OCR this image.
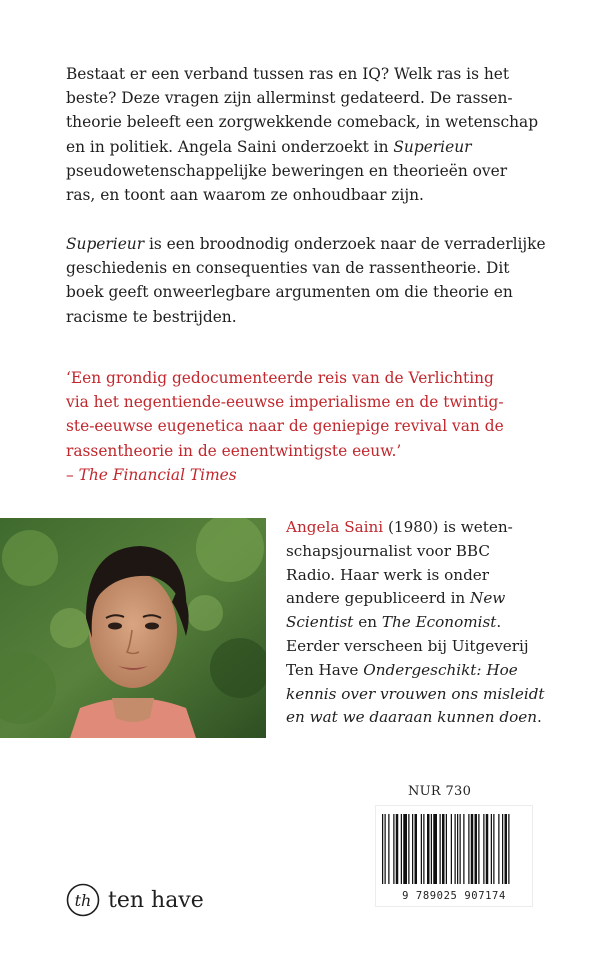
Bestaat er een verband tussen ras en IQ? Welk ras is het
beste? Deze vragen zijn allerminst gedateerd. De rassen-
theorie beleeft een zorgwekkende comeback, in wetenschap
en in politiek. Angela Saini onderzoekt in Superieur
pseudowetenschappelijke beweringen en theorieën over
ras, en toont aan waarom ze onhoudbaar zijn.

Superieur is een broodnodig onderzoek naar de verraderlijke
geschiedenis en consequenties van de rassentheorie. Dit
boek geeft onweerlegbare argumenten om die theorie en
racisme te bestrijden.

‘Een grondig gedocumenteerde reis van de Verlichting
via het negentiende-eeuwse imperialisme en de twintig-
ste-eeuwse eugenetica naar de geniepige revival van de
rassentheorie in de eenentwintigste eeuw.’
– The Financial Times

Angela Saini (1980) is weten-
schapsjournalist voor BBC
Radio. Haar werk is onder
andere gepubliceerd in New
Scientist en The Economist.
Eerder verscheen bij Uitgeverij
Ten Have Ondergeschikt: Hoe
kennis over vrouwen ons misleidt
en wat we daaraan kunnen doen.

NUR 730
9 789025 907174
th ten have
